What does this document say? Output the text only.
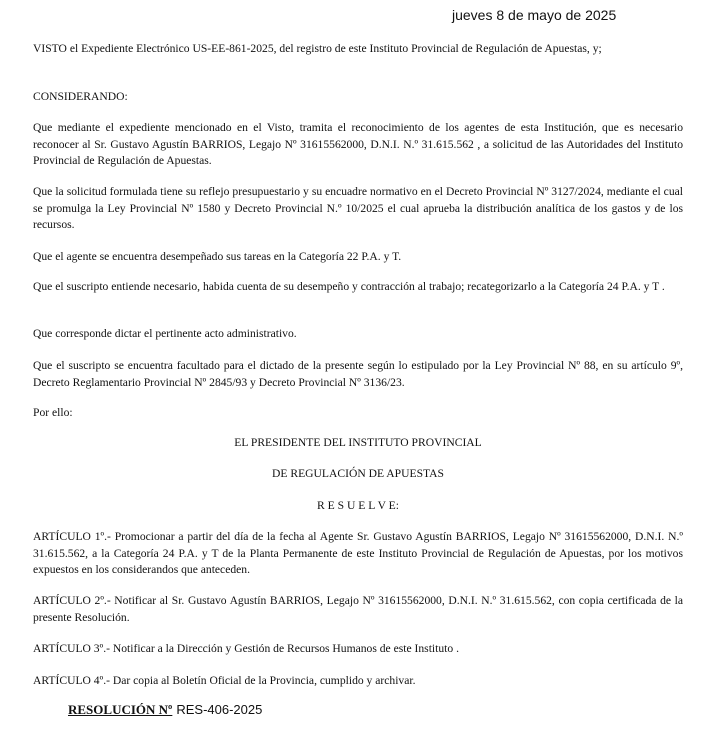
jueves 8 de mayo de 2025

VISTO el Expediente Electrónico US-EE-861-2025, del registro de este Instituto Provincial de Regulación de Apuestas, y;

CONSIDERANDO:

Que mediante el expediente mencionado en el Visto, tramita el reconocimiento de los agentes de esta Institución, que es necesario reconocer al Sr. Gustavo Agustín BARRIOS, Legajo Nº 31615562000, D.N.I. N.º 31.615.562 , a solicitud de las Autoridades del Instituto Provincial de Regulación de Apuestas.

Que la solicitud formulada tiene su reflejo presupuestario y su encuadre normativo en el Decreto Provincial Nº 3127/2024, mediante el cual se promulga la Ley Provincial Nº 1580 y Decreto Provincial N.º 10/2025 el cual aprueba la distribución analítica de los gastos y de los recursos.

Que el agente se encuentra desempeñado sus tareas en la Categoría 22 P.A. y T.

Que el suscripto entiende necesario, habida cuenta de su desempeño y contracción al trabajo; recategorizarlo a la Categoría 24 P.A. y T .

Que corresponde dictar el pertinente acto administrativo.

Que el suscripto se encuentra facultado para el dictado de la presente según lo estipulado por la Ley Provincial Nº 88, en su artículo 9º, Decreto Reglamentario Provincial Nº 2845/93 y Decreto Provincial Nº 3136/23.

Por ello:

EL PRESIDENTE DEL INSTITUTO PROVINCIAL

DE REGULACIÓN DE APUESTAS

R E S U E L V E:

ARTÍCULO 1º.- Promocionar a partir del día de la fecha al Agente Sr. Gustavo Agustín BARRIOS, Legajo Nº 31615562000, D.N.I. N.º 31.615.562, a la Categoría 24 P.A. y T de la Planta Permanente de este Instituto Provincial de Regulación de Apuestas, por los motivos expuestos en los considerandos que anteceden.

ARTÍCULO 2º.- Notificar al Sr. Gustavo Agustín BARRIOS, Legajo Nº 31615562000, D.N.I. N.º 31.615.562, con copia certificada de la presente Resolución.

ARTÍCULO 3º.- Notificar a la Dirección y Gestión de Recursos Humanos de este Instituto .

ARTÍCULO 4º.- Dar copia al Boletín Oficial de la Provincia, cumplido y archivar.

RESOLUCIÓN Nº RES-406-2025
